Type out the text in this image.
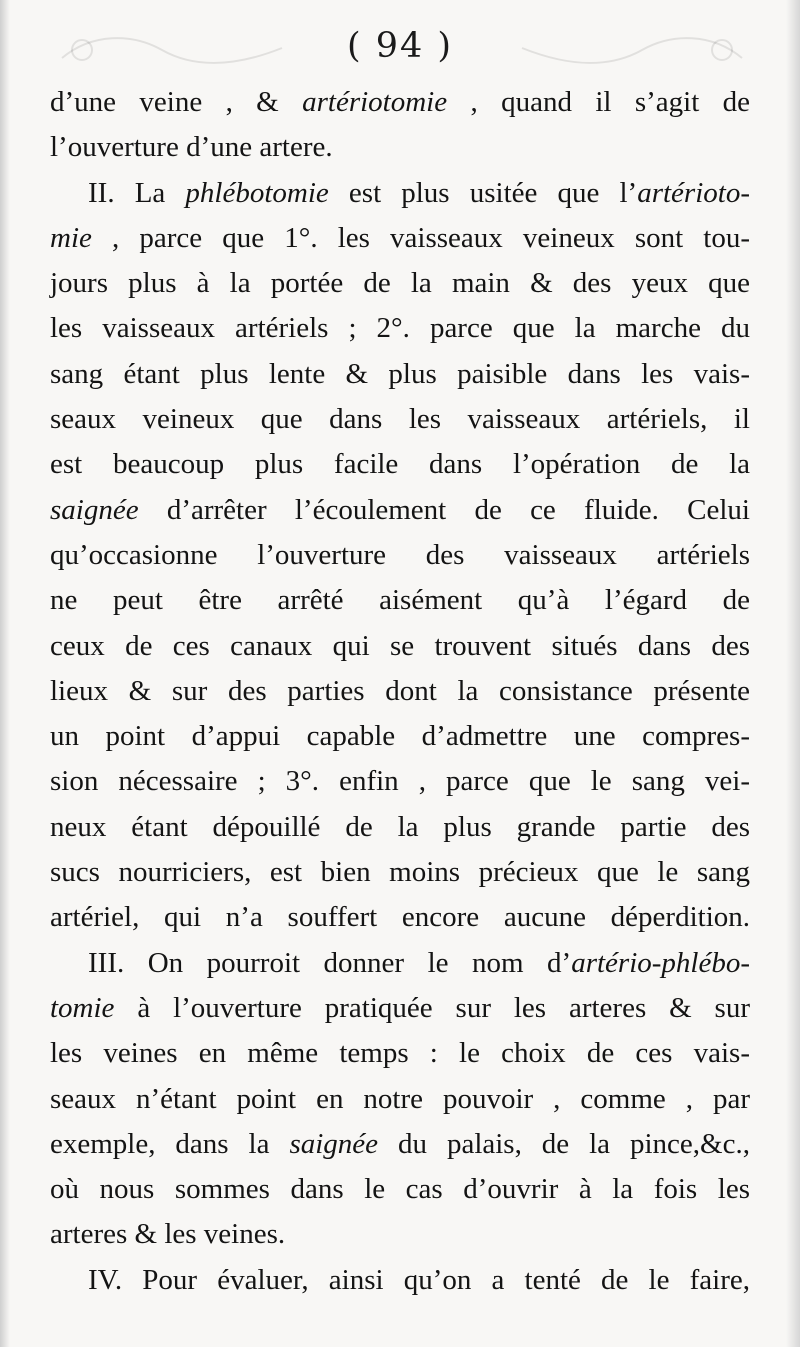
( 94 )
d’une veine , & artériotomie , quand il s’agit de
l’ouverture d’une artere.
II. La phlébotomie est plus usitée que l’artériotо-
mie , parce que 1°. les vaisseaux veineux sont tou-
jours plus à la portée de la main & des yeux que
les vaisseaux artériels ; 2°. parce que la marche du
sang étant plus lente & plus paisible dans les vais-
seaux veineux que dans les vaisseaux artériels, il
est beaucoup plus facile dans l’opération de la
saignée d’arrêter l’écoulement de ce fluide. Celui
qu’occasionne l’ouverture des vaisseaux artériels
ne peut être arrêté aisément qu’à l’égard de
ceux de ces canaux qui se trouvent situés dans des
lieux & sur des parties dont la consistance présente
un point d’appui capable d’admettre une compres-
sion nécessaire ; 3°. enfin , parce que le sang vei-
neux étant dépouillé de la plus grande partie des
sucs nourriciers, est bien moins précieux que le sang
artériel, qui n’a souffert encore aucune déperdition.
III. On pourroit donner le nom d’artério-phlébo-
tomie à l’ouverture pratiquée sur les arteres & sur
les veines en même temps : le choix de ces vais-
seaux n’étant point en notre pouvoir , comme , par
exemple, dans la saignée du palais, de la pince,&c.,
où nous sommes dans le cas d’ouvrir à la fois les
arteres & les veines.
IV. Pour évaluer, ainsi qu’on a tenté de le faire,
